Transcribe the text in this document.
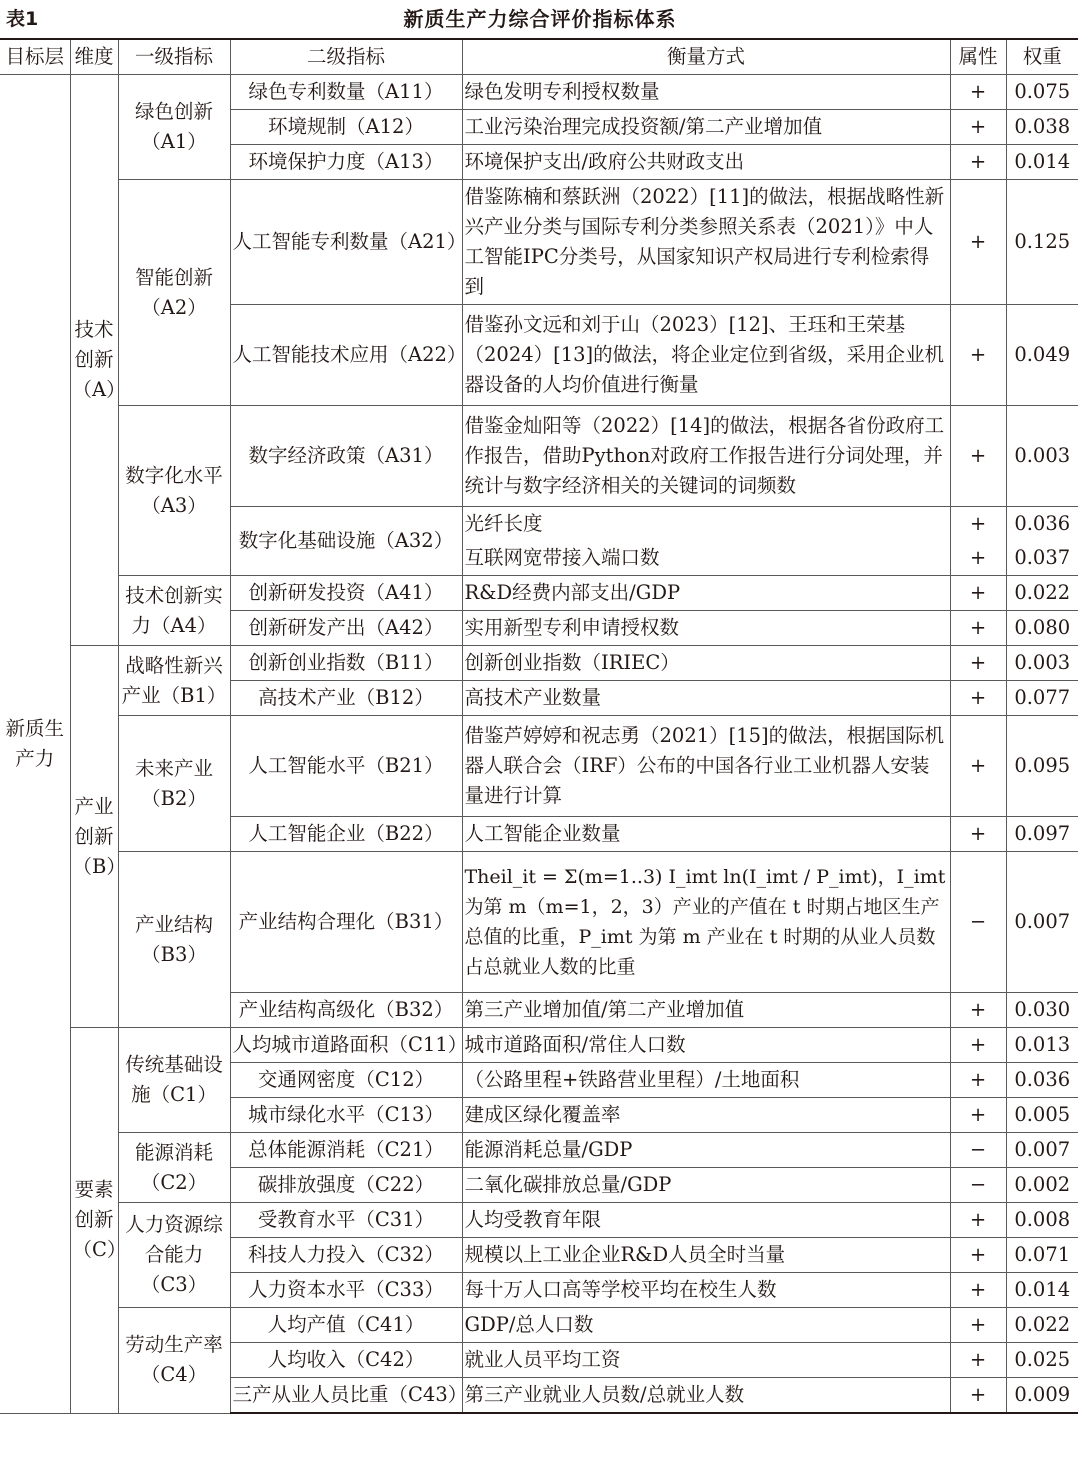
表1	新质生产力综合评价指标体系
目标层	维度	一级指标	二级指标	衡量方式	属性	权重
新质生产力	技术创新（A）	绿色创新（A1）	绿色专利数量（A11）	绿色发明专利授权数量	+	0.075
			环境规制（A12）	工业污染治理完成投资额/第二产业增加值	+	0.038
			环境保护力度（A13）	环境保护支出/政府公共财政支出	+	0.014
		智能创新（A2）	人工智能专利数量（A21）	借鉴陈楠和蔡跃洲（2022）[11]的做法，根据战略性新兴产业分类与国际专利分类参照关系表（2021）》中人工智能IPC分类号，从国家知识产权局进行专利检索得到	+	0.125
			人工智能技术应用（A22）	借鉴孙文远和刘于山（2023）[12]、王珏和王荣基（2024）[13]的做法，将企业定位到省级，采用企业机器设备的人均价值进行衡量	+	0.049
		数字化水平（A3）	数字经济政策（A31）	借鉴金灿阳等（2022）[14]的做法，根据各省份政府工作报告，借助Python对政府工作报告进行分词处理，并统计与数字经济相关的关键词的词频数	+	0.003
			数字化基础设施（A32）	光纤长度	+	0.036
				互联网宽带接入端口数	+	0.037
		技术创新实力（A4）	创新研发投资（A41）	R&D经费内部支出/GDP	+	0.022
			创新研发产出（A42）	实用新型专利申请授权数	+	0.080
	产业创新（B）	战略性新兴产业（B1）	创新创业指数（B11）	创新创业指数（IRIEC）	+	0.003
			高技术产业（B12）	高技术产业数量	+	0.077
		未来产业（B2）	人工智能水平（B21）	借鉴芦婷婷和祝志勇（2021）[15]的做法，根据国际机器人联合会（IRF）公布的中国各行业工业机器人安装量进行计算	+	0.095
			人工智能企业（B22）	人工智能企业数量	+	0.097
		产业结构（B3）	产业结构合理化（B31）	Theil_it = Σ(m=1..3) I_imt ln(I_imt / P_imt)，I_imt 为第 m（m=1，2，3）产业的产值在 t 时期占地区生产总值的比重，P_imt 为第 m 产业在 t 时期的从业人员数占总就业人数的比重	−	0.007
			产业结构高级化（B32）	第三产业增加值/第二产业增加值	+	0.030
	要素创新（C）	传统基础设施（C1）	人均城市道路面积（C11）	城市道路面积/常住人口数	+	0.013
			交通网密度（C12）	（公路里程+铁路营业里程）/土地面积	+	0.036
			城市绿化水平（C13）	建成区绿化覆盖率	+	0.005
		能源消耗（C2）	总体能源消耗（C21）	能源消耗总量/GDP	−	0.007
			碳排放强度（C22）	二氧化碳排放总量/GDP	−	0.002
		人力资源综合能力（C3）	受教育水平（C31）	人均受教育年限	+	0.008
			科技人力投入（C32）	规模以上工业企业R&D人员全时当量	+	0.071
			人力资本水平（C33）	每十万人口高等学校平均在校生人数	+	0.014
		劳动生产率（C4）	人均产值（C41）	GDP/总人口数	+	0.022
			人均收入（C42）	就业人员平均工资	+	0.025
			三产从业人员比重（C43）	第三产业就业人员数/总就业人数	+	0.009
